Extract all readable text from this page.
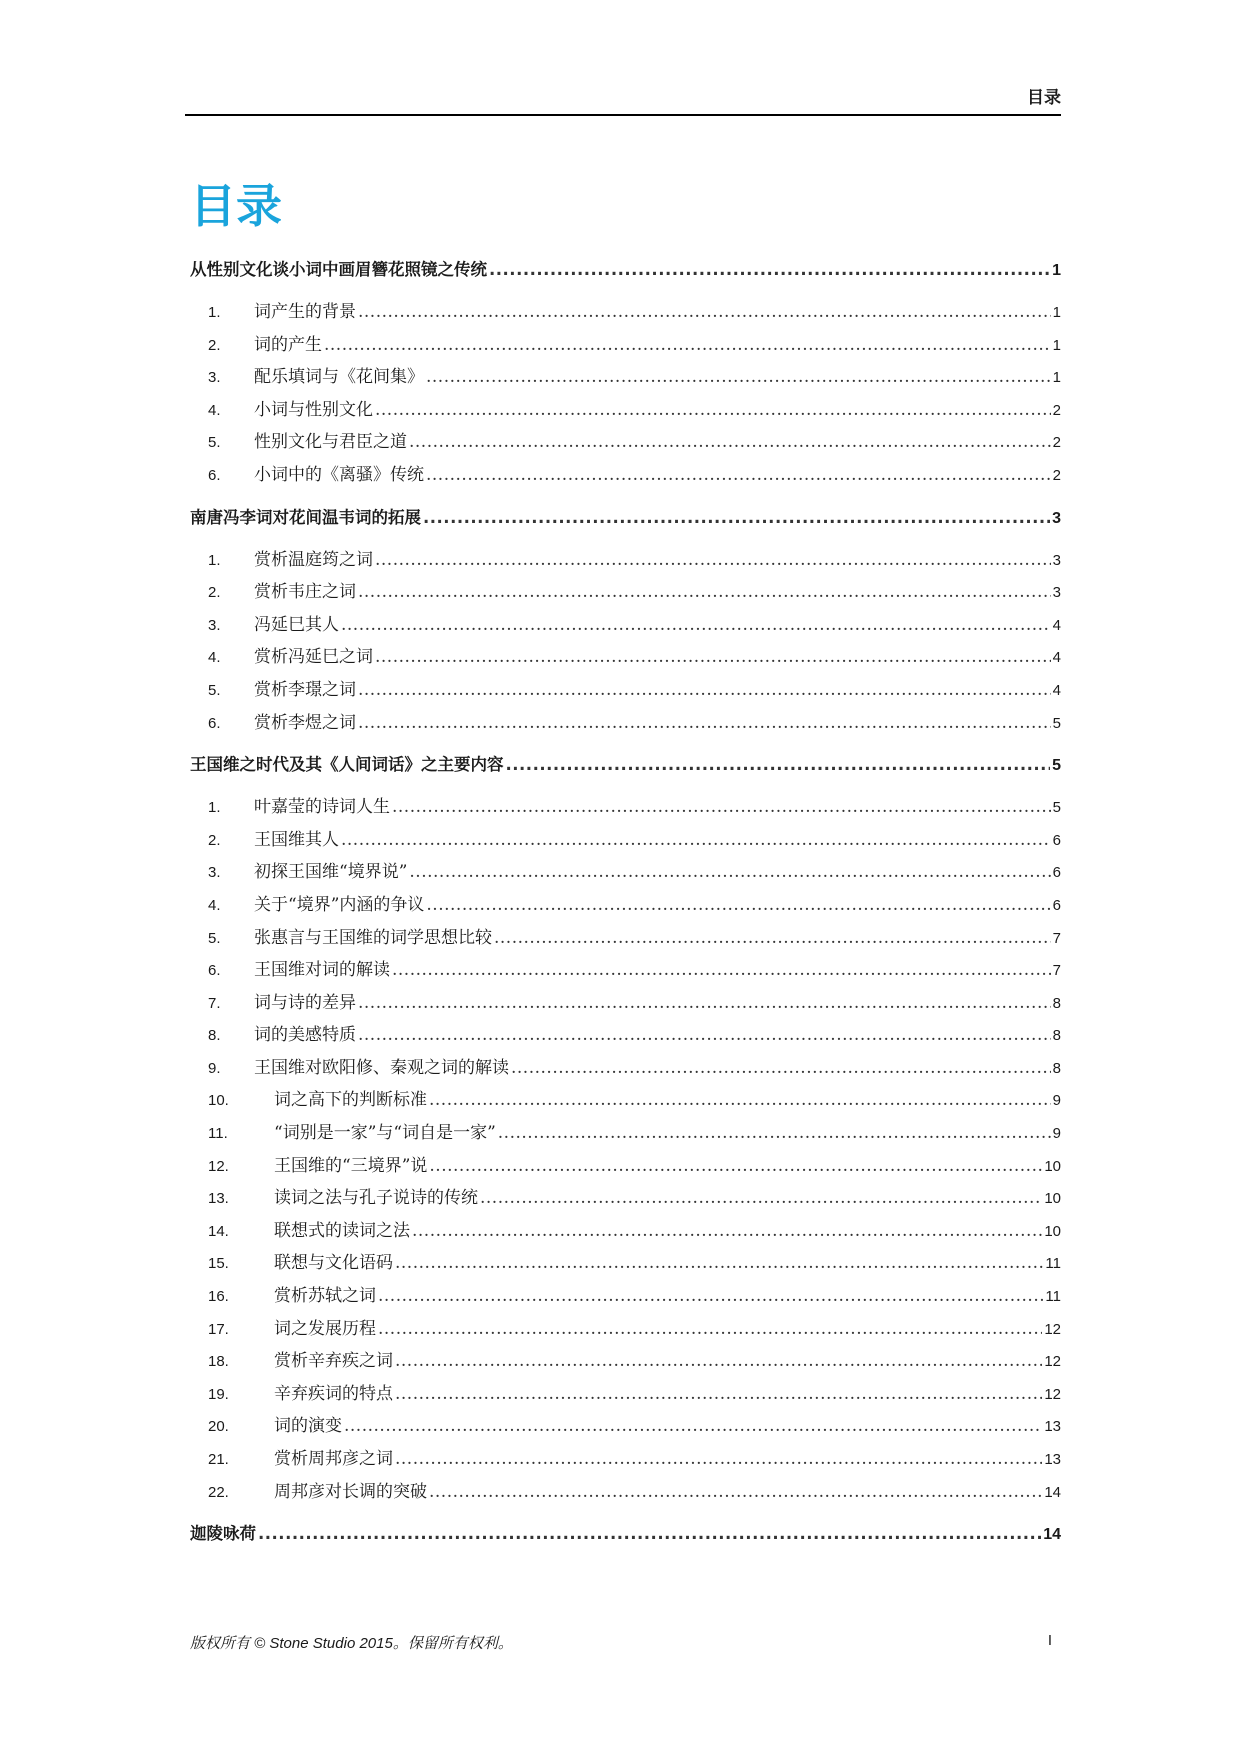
目录
目录
从性别文化谈小词中画眉簪花照镜之传统 .....	1
1.	词产生的背景 .....	1
2.	词的产生 .....	1
3.	配乐填词与《花间集》 .....	1
4.	小词与性别文化 .....	2
5.	性别文化与君臣之道 .....	2
6.	小词中的《离骚》传统 .....	2
南唐冯李词对花间温韦词的拓展 .....	3
1.	赏析温庭筠之词 .....	3
2.	赏析韦庄之词 .....	3
3.	冯延巳其人 .....	4
4.	赏析冯延巳之词 .....	4
5.	赏析李璟之词 .....	4
6.	赏析李煜之词 .....	5
王国维之时代及其《人间词话》之主要内容 .....	5
1.	叶嘉莹的诗词人生 .....	5
2.	王国维其人 .....	6
3.	初探王国维“境界说” .....	6
4.	关于“境界”内涵的争议 .....	6
5.	张惠言与王国维的词学思想比较 .....	7
6.	王国维对词的解读 .....	7
7.	词与诗的差异 .....	8
8.	词的美感特质 .....	8
9.	王国维对欧阳修、秦观之词的解读 .....	8
10.	词之高下的判断标准 .....	9
11.	“词别是一家”与“词自是一家” .....	9
12.	王国维的“三境界”说 .....	10
13.	读词之法与孔子说诗的传统 .....	10
14.	联想式的读词之法 .....	10
15.	联想与文化语码 .....	11
16.	赏析苏轼之词 .....	11
17.	词之发展历程 .....	12
18.	赏析辛弃疾之词 .....	12
19.	辛弃疾词的特点 .....	12
20.	词的演变 .....	13
21.	赏析周邦彦之词 .....	13
22.	周邦彦对长调的突破 .....	14
迦陵咏荷 .....	14
版权所有 © Stone Studio 2015。保留所有权利。	I
